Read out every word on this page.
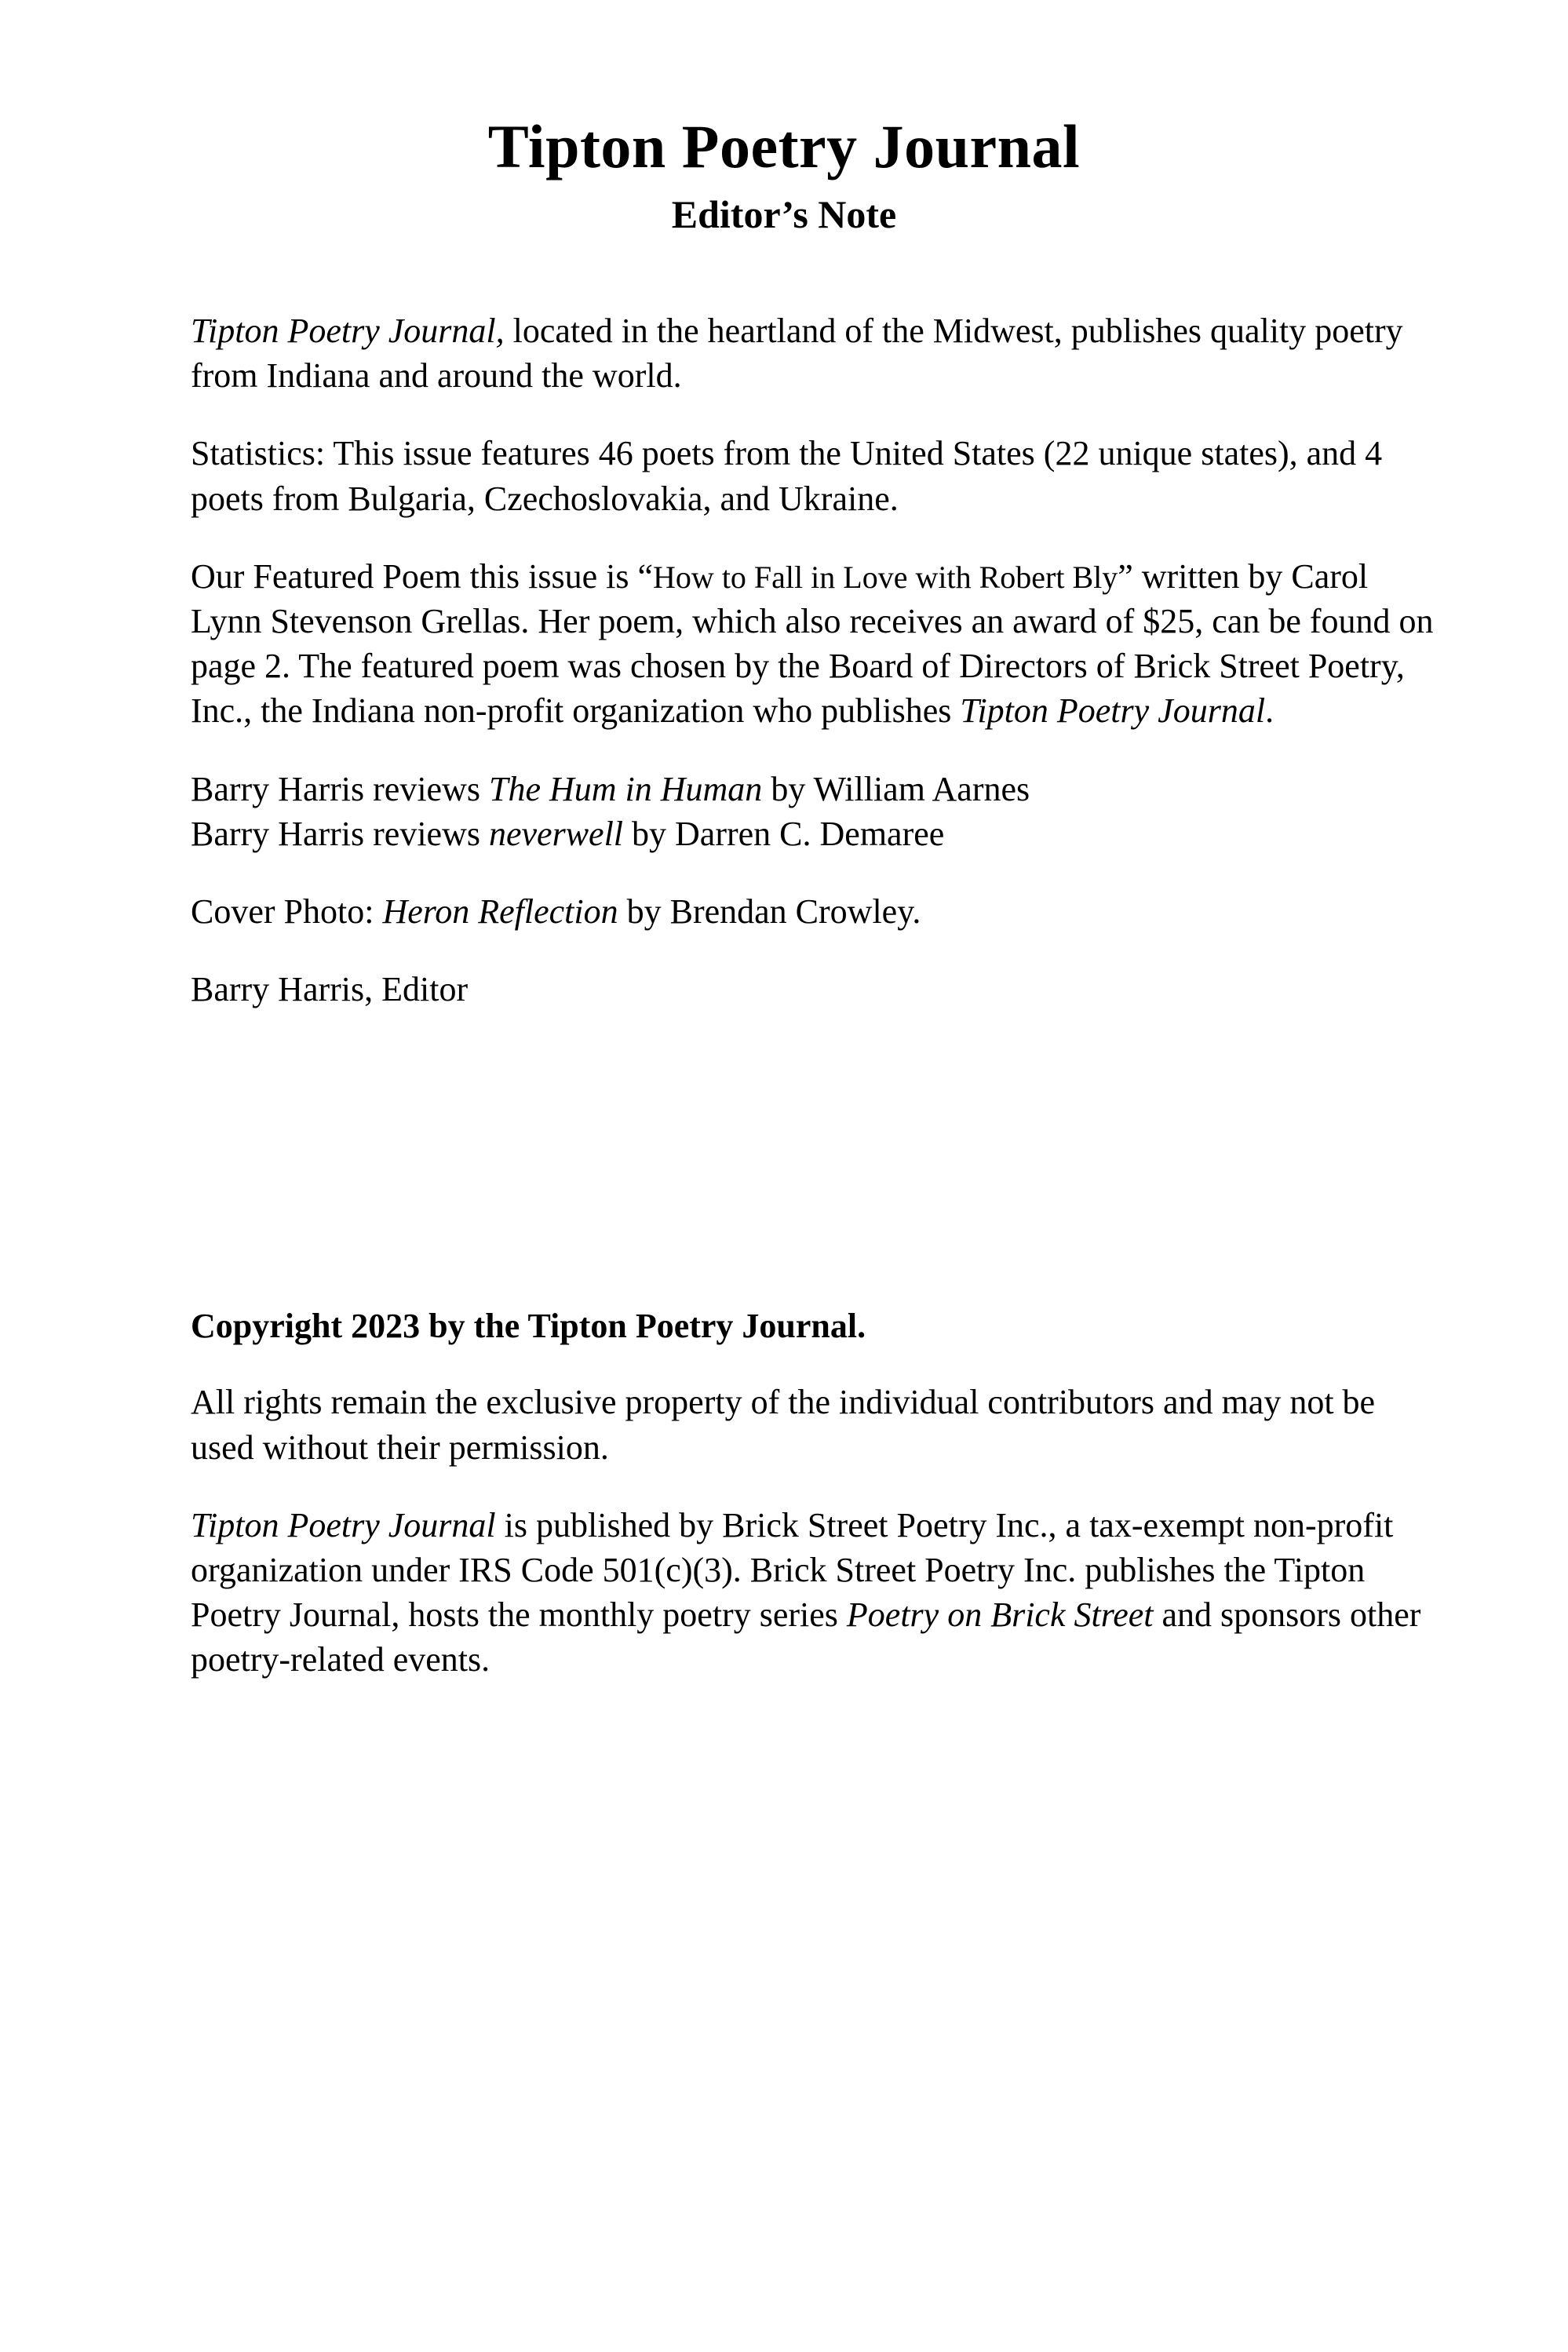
Tipton Poetry Journal
Editor’s Note

Tipton Poetry Journal, located in the heartland of the Midwest, publishes quality poetry from Indiana and around the world.

Statistics: This issue features 46 poets from the United States (22 unique states), and 4 poets from Bulgaria, Czechoslovakia, and Ukraine.

Our Featured Poem this issue is “How to Fall in Love with Robert Bly” written by Carol Lynn Stevenson Grellas. Her poem, which also receives an award of $25, can be found on page 2. The featured poem was chosen by the Board of Directors of Brick Street Poetry, Inc., the Indiana non-profit organization who publishes Tipton Poetry Journal.

Barry Harris reviews The Hum in Human by William Aarnes

Barry Harris reviews neverwell by Darren C. Demaree

Cover Photo: Heron Reflection by Brendan Crowley.

Barry Harris, Editor

Copyright 2023 by the Tipton Poetry Journal.

All rights remain the exclusive property of the individual contributors and may not be used without their permission.

Tipton Poetry Journal is published by Brick Street Poetry Inc., a tax-exempt non-profit organization under IRS Code 501(c)(3). Brick Street Poetry Inc. publishes the Tipton Poetry Journal, hosts the monthly poetry series Poetry on Brick Street and sponsors other poetry-related events.
